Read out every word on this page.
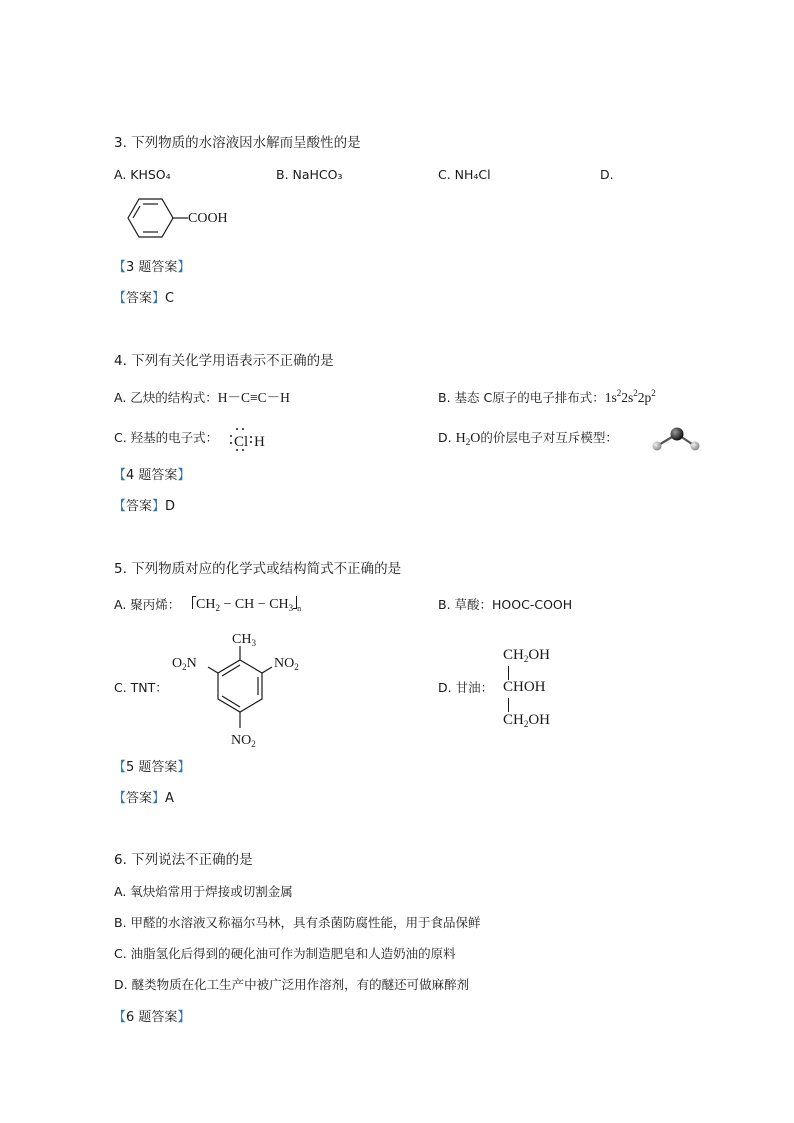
3. 下列物质的水溶液因水解而呈酸性的是
A. KHSO₄	B. NaHCO₃	C. NH₄Cl	D.
COOH
【3 题答案】
【答案】C
4. 下列有关化学用语表示不正确的是
A. 乙炔的结构式：H－C≡C－H	B. 基态 C原子的电子排布式：$1s^22s^22p^2$
C. 羟基的电子式： Cl H	D. $H_2O$的价层电子对互斥模型：
【4 题答案】
【答案】D
5. 下列物质对应的化学式或结构简式不正确的是
A. 聚丙烯： $CH_2$ − CH − $CH_3$ $_n$	B. 草酸：HOOC-COOH
C. TNT：
$CH_3$
$O_2N$	$NO_2$
$NO_2$
D. 甘油：
$CH_2OH$
CHOH
$CH_2OH$
【5 题答案】
【答案】A
6. 下列说法不正确的是
A. 氧炔焰常用于焊接或切割金属
B. 甲醛的水溶液又称福尔马林，具有杀菌防腐性能，用于食品保鲜
C. 油脂氢化后得到的硬化油可作为制造肥皂和人造奶油的原料
D. 醚类物质在化工生产中被广泛用作溶剂，有的醚还可做麻醉剂
【6 题答案】
